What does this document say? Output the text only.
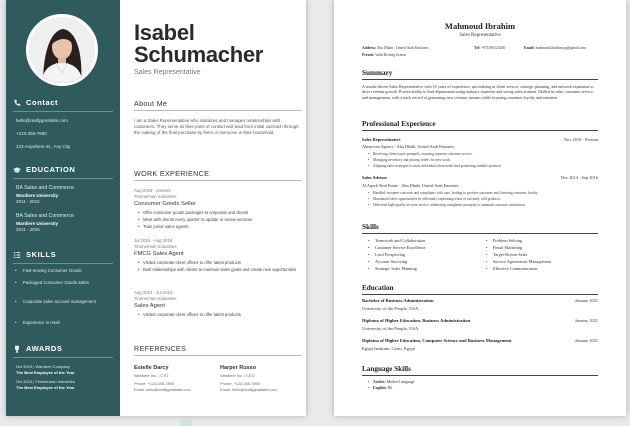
Contact
hello@reallygreatsite.com
+123-456-7890
123 Anywhere St., Any City
EDUCATION
BA Sales and Commerce
Wardiere University
2011 - 2015
BA Sales and Commerce
Wardiere University
2011 - 2015
SKILLS
• Fast-moving Consumer Goods
• Packaged Consumer Goods Sales
• Corporate sales account management
• Experience in retail
AWARDS
Oct 2019 | Wardiere Company
The Best Employee of the Year
Oct 2015 | Timmerman Industries
The Best Employee of the Year
Isabel
Schumacher
Sales Representative
About Me
I am a Sales Representative who initializes and manages relationships with customers. They serve as their point of contact and lead from initial outreach through the making of the final purchase by them or someone in their household.
WORK EXPERIENCE
Aug 2018 - present
Timmerman Industries
Consumer Goods Seller
• Offer consumer goods packages to corporate and clients
• Meet with clients every quarter to update or renew services
• Train junior sales agents
Jul 2015 - Aug 2018
Timmerman Industries
FMCG Sales Agent
• Visited corporate client offices to offer latest products
• Built relationships with clients to maintain sales goals and create new opportunities
Aug 2014 - Jul 2015
Timmerman Industries
Sales Agent
• Visited corporate client offices to offer latest products
REFERENCES
Estelle Darcy
Wardiere Inc. / CTO
Phone: +123-456-7890
Email: hello@reallygreatsite.com
Harper Russo
Wardiere Inc. / CEO
Phone: +123-456-7890
Email: hello@reallygreatsite.com
Mahmoud Ibrahim
Sales Representative
Address: Abu Dhabi , United Arab Emirates	Tel: +971500123456	Email: mahmoud.ibrahim.sp@gmail.com
Permit: Valid Driving license
Summary
A results-driven Sales Representative with 10 years of experience, specializing in client service, strategic planning, and network expansion to drive revenue growth. Proven ability to lead departments using industry expertise and strong sales acumen. Skilled in sales, customer service, and management, with a track record of generating new revenue streams while fostering customer loyalty and retention.
Professional Experience
Sales Representative	Nov 2016 - Present
Almarwan Agency - Abu Dhabi, United Arab Emirates
• Resolving client issues promptly, ensuring superior customer service.
• Managing inventory and placing orders for new stock.
• Adapting sales strategies to meet individual client needs and promoting suitable products.
Sales Advisor	Dec 2014 - Sep 2016
Al Aqeeli Real Estate - Abu Dhabi, United Arab Emirates
• Handled customer concerns and complaints with care, leading to positive outcomes and fostering customer loyalty.
• Maximized sales opportunities by efficiently explaining terms of currently sold products.
• Delivered high-quality in-store service, addressing complaints promptly to maintain customer satisfaction.
Skills
• Teamwork and Collaboration
• Customer Service Excellence
• Lead Prospecting
• Account Servicing
• Strategic Sales Planning
• Problem Solving
• Retail Marketing
• Target-Driven Sales
• Service Agreements Management
• Effective Communication
Education
Bachelor of Business Administration	January 2021
University of the People, USA
Diploma of Higher Education, Business Administration	January 2021
University of the People, USA
Diploma of Higher Education, Computer Science and Business Management	January 2021
Egypt Institute, Cairo, Egypt
Language Skills
• Arabic: Mother Language
• English: B2
